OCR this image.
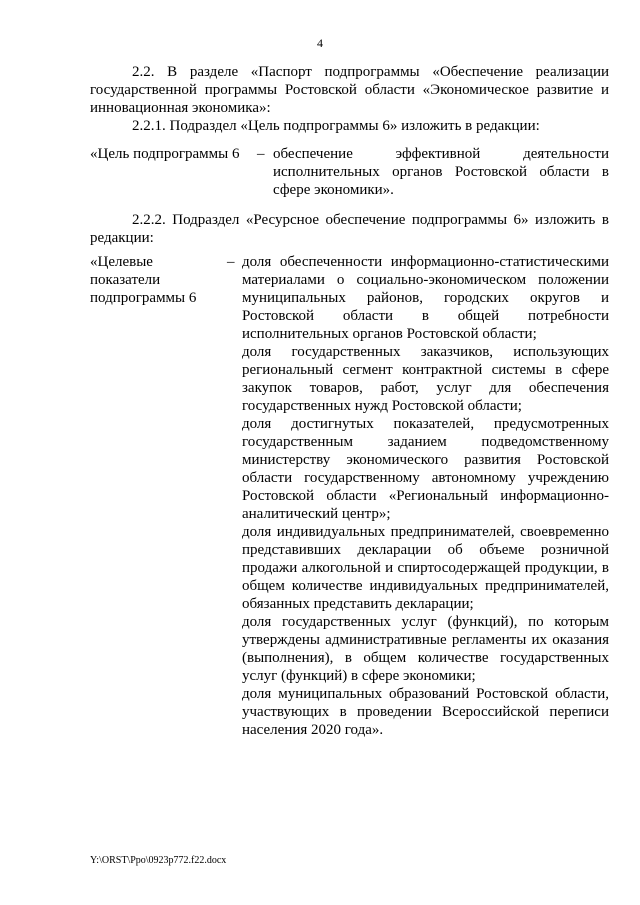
4
2.2. В разделе «Паспорт подпрограммы «Обеспечение реализации государственной программы Ростовской области «Экономическое развитие и инновационная экономика»:
2.2.1. Подраздел «Цель подпрограммы 6» изложить в редакции:
«Цель подпрограммы 6 – обеспечение эффективной деятельности исполнительных органов Ростовской области в сфере экономики».

2.2.2. Подраздел «Ресурсное обеспечение подпрограммы 6» изложить в редакции:
«Целевые
показатели
подпрограммы 6
– доля обеспеченности информационно-статистическими материалами о социально-экономическом положении муниципальных районов, городских округов и Ростовской области в общей потребности исполнительных органов Ростовской области;

доля государственных заказчиков, использующих региональный сегмент контрактной системы в сфере закупок товаров, работ, услуг для обеспечения государственных нужд Ростовской области;

доля достигнутых показателей, предусмотренных государственным заданием подведомственному министерству экономического развития Ростовской области государственному автономному учреждению Ростовской области «Региональный информационно-аналитический центр»;

доля индивидуальных предпринимателей, своевременно представивших декларации об объеме розничной продажи алкогольной и спиртосодержащей продукции, в общем количестве индивидуальных предпринимателей, обязанных представить декларации;

доля государственных услуг (функций), по которым утверждены административные регламенты их оказания (выполнения), в общем количестве государственных услуг (функций) в сфере экономики;

доля муниципальных образований Ростовской области, участвующих в проведении Всероссийской переписи населения 2020 года».

Y:\ORST\Ppo\0923p772.f22.docx
